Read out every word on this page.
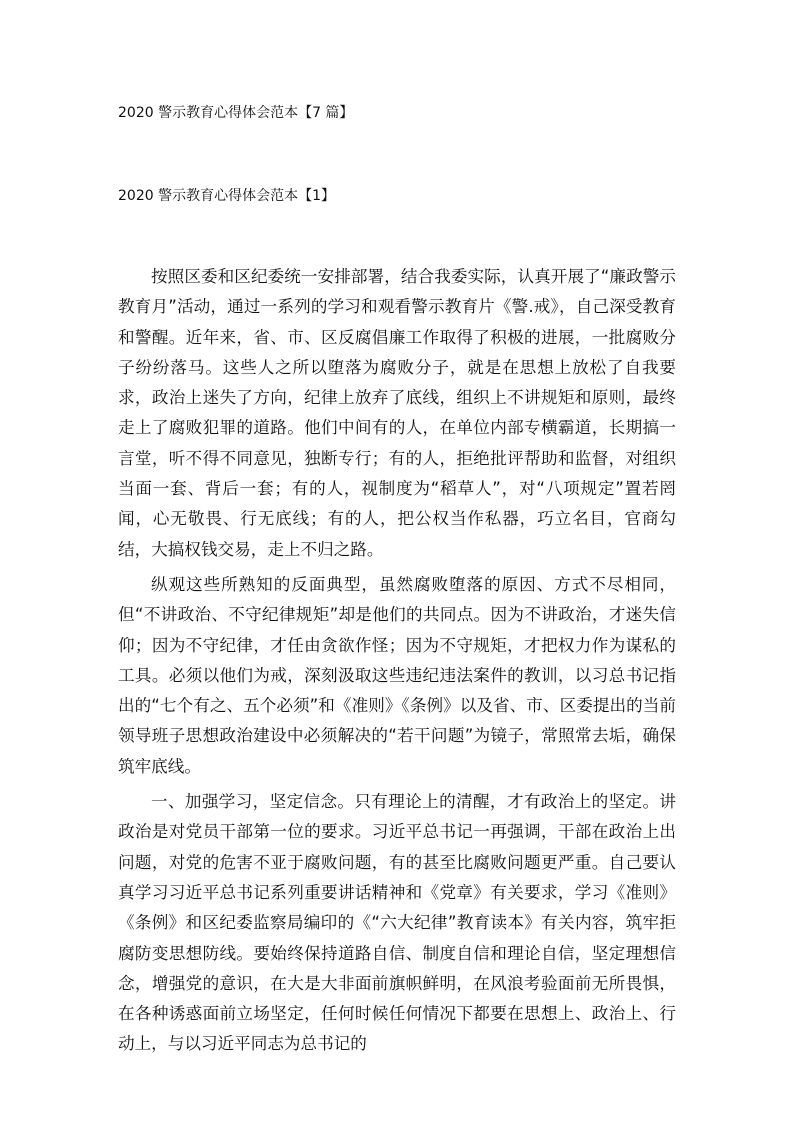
2020 警示教育心得体会范本【7 篇】
2020 警示教育心得体会范本【1】

按照区委和区纪委统一安排部署，结合我委实际，认真开展了“廉政警示教育月”活动，通过一系列的学习和观看警示教育片《警.戒》，自己深受教育和警醒。近年来，省、市、区反腐倡廉工作取得了积极的进展，一批腐败分子纷纷落马。这些人之所以堕落为腐败分子，就是在思想上放松了自我要求，政治上迷失了方向，纪律上放弃了底线，组织上不讲规矩和原则，最终走上了腐败犯罪的道路。他们中间有的人，在单位内部专横霸道，长期搞一言堂，听不得不同意见，独断专行；有的人，拒绝批评帮助和监督，对组织当面一套、背后一套；有的人，视制度为“稻草人”，对“八项规定”置若罔闻，心无敬畏、行无底线；有的人，把公权当作私器，巧立名目，官商勾结，大搞权钱交易，走上不归之路。

纵观这些所熟知的反面典型，虽然腐败堕落的原因、方式不尽相同，但“不讲政治、不守纪律规矩”却是他们的共同点。因为不讲政治，才迷失信仰；因为不守纪律，才任由贪欲作怪；因为不守规矩，才把权力作为谋私的工具。必须以他们为戒，深刻汲取这些违纪违法案件的教训，以习总书记指出的“七个有之、五个必须”和《准则》《条例》以及省、市、区委提出的当前领导班子思想政治建设中必须解决的“若干问题”为镜子，常照常去垢，确保筑牢底线。

一、加强学习，坚定信念。只有理论上的清醒，才有政治上的坚定。讲政治是对党员干部第一位的要求。习近平总书记一再强调，干部在政治上出问题，对党的危害不亚于腐败问题，有的甚至比腐败问题更严重。自己要认真学习习近平总书记系列重要讲话精神和《党章》有关要求，学习《准则》《条例》和区纪委监察局编印的《“六大纪律”教育读本》有关内容，筑牢拒腐防变思想防线。要始终保持道路自信、制度自信和理论自信，坚定理想信念，增强党的意识，在大是大非面前旗帜鲜明，在风浪考验面前无所畏惧，在各种诱惑面前立场坚定，任何时候任何情况下都要在思想上、政治上、行动上，与以习近平同志为总书记的
